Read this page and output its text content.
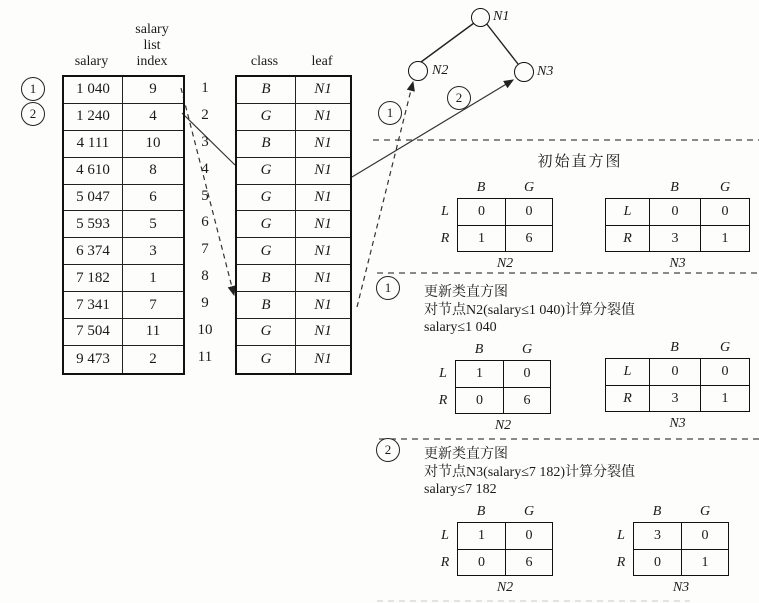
1
2
salary
salary
list
index
1 040	9
1 240	4
4 111	10
4 610	8
5 047	6
5 593	5
6 374	3
7 182	1
7 341	7
7 504	11
9 473	2
1
2
3
4
5
6
7
8
9
10
11
class	leaf
B	N1
G	N1
B	N1
G	N1
G	N1
G	N1
G	N1
B	N1
B	N1
G	N1
G	N1
N1
N2	N3
1
2
初始直方图
B	G
L	0	0
R	1	6
N2
B	G
L	0	0
R	3	1
N3
1 更新类直方图
对节点N2(salary≤1 040)计算分裂值
salary≤1 040
B	G
L	1	0
R	0	6
N2
B	G
L	0	0
R	3	1
N3
2 更新类直方图
对节点N3(salary≤7 182)计算分裂值
salary≤7 182
B	G
L	1	0
R	0	6
N2
B	G
L	3	0
R	0	1
N3
